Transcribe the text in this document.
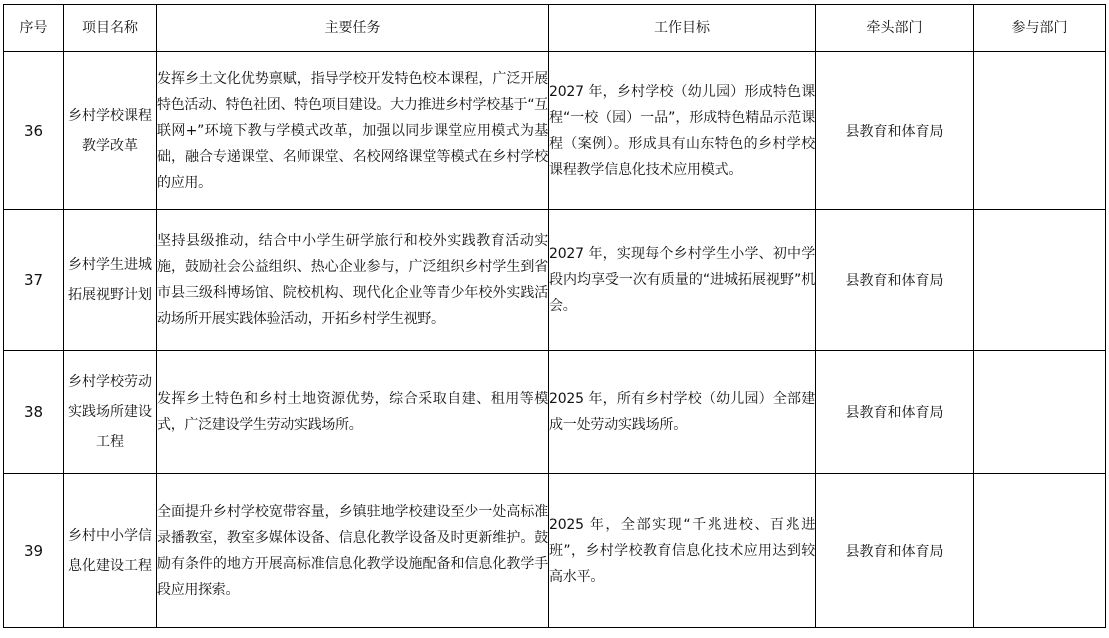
序号	项目名称	主要任务	工作目标	牵头部门	参与部门
36	乡村学校课程教学改革	发挥乡土文化优势禀赋，指导学校开发特色校本课程，广泛开展特色活动、特色社团、特色项目建设。大力推进乡村学校基于“互联网+”环境下教与学模式改革，加强以同步课堂应用模式为基础，融合专递课堂、名师课堂、名校网络课堂等模式在乡村学校的应用。	2027 年，乡村学校（幼儿园）形成特色课程“一校（园）一品”，形成特色精品示范课程（案例）。形成具有山东特色的乡村学校课程教学信息化技术应用模式。	县教育和体育局	
37	乡村学生进城拓展视野计划	坚持县级推动，结合中小学生研学旅行和校外实践教育活动实施，鼓励社会公益组织、热心企业参与，广泛组织乡村学生到省市县三级科博场馆、院校机构、现代化企业等青少年校外实践活动场所开展实践体验活动，开拓乡村学生视野。	2027 年，实现每个乡村学生小学、初中学段内均享受一次有质量的“进城拓展视野”机会。	县教育和体育局	
38	乡村学校劳动实践场所建设工程	发挥乡土特色和乡村土地资源优势，综合采取自建、租用等模式，广泛建设学生劳动实践场所。	2025 年，所有乡村学校（幼儿园）全部建成一处劳动实践场所。	县教育和体育局	
39	乡村中小学信息化建设工程	全面提升乡村学校宽带容量，乡镇驻地学校建设至少一处高标准录播教室，教室多媒体设备、信息化教学设备及时更新维护。鼓励有条件的地方开展高标准信息化教学设施配备和信息化教学手段应用探索。	2025 年，全部实现“千兆进校、百兆进班”，乡村学校教育信息化技术应用达到较高水平。	县教育和体育局	
